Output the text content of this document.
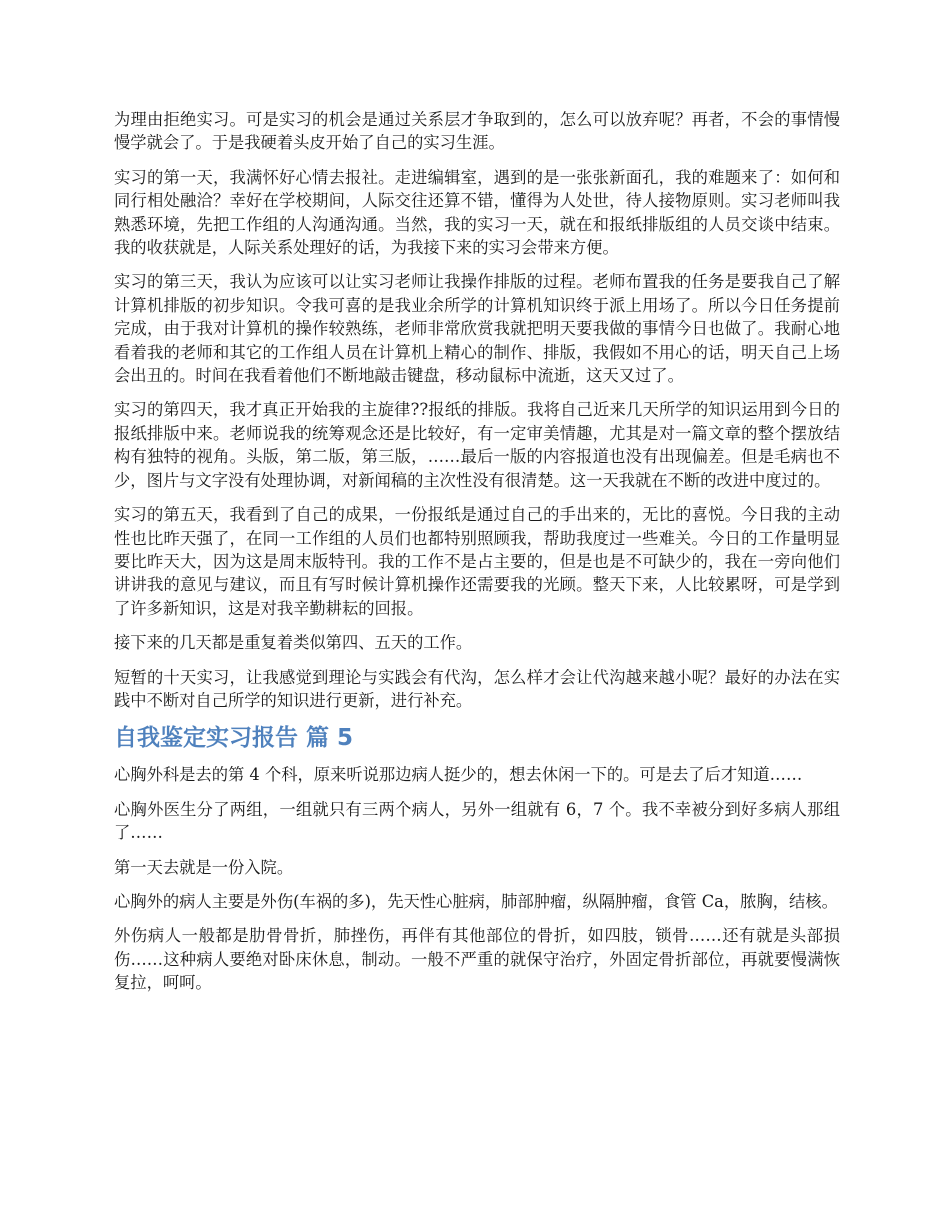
为理由拒绝实习。可是实习的机会是通过关系层才争取到的，怎么可以放弃呢？再者，不会的事情慢慢学就会了。于是我硬着头皮开始了自己的实习生涯。

实习的第一天，我满怀好心情去报社。走进编辑室，遇到的是一张张新面孔，我的难题来了：如何和同行相处融洽？幸好在学校期间，人际交往还算不错，懂得为人处世，待人接物原则。实习老师叫我熟悉环境，先把工作组的人沟通沟通。当然，我的实习一天，就在和报纸排版组的人员交谈中结束。我的收获就是，人际关系处理好的话，为我接下来的实习会带来方便。

实习的第三天，我认为应该可以让实习老师让我操作排版的过程。老师布置我的任务是要我自己了解计算机排版的初步知识。令我可喜的是我业余所学的计算机知识终于派上用场了。所以今日任务提前完成，由于我对计算机的操作较熟练，老师非常欣赏我就把明天要我做的事情今日也做了。我耐心地看着我的老师和其它的工作组人员在计算机上精心的制作、排版，我假如不用心的话，明天自己上场会出丑的。时间在我看着他们不断地敲击键盘，移动鼠标中流逝，这天又过了。

实习的第四天，我才真正开始我的主旋律??报纸的排版。我将自己近来几天所学的知识运用到今日的报纸排版中来。老师说我的统筹观念还是比较好，有一定审美情趣，尤其是对一篇文章的整个摆放结构有独特的视角。头版，第二版，第三版，……最后一版的内容报道也没有出现偏差。但是毛病也不少，图片与文字没有处理协调，对新闻稿的主次性没有很清楚。这一天我就在不断的改进中度过的。

实习的第五天，我看到了自己的成果，一份报纸是通过自己的手出来的，无比的喜悦。今日我的主动性也比昨天强了，在同一工作组的人员们也都特别照顾我，帮助我度过一些难关。今日的工作量明显要比昨天大，因为这是周末版特刊。我的工作不是占主要的，但是也是不可缺少的，我在一旁向他们讲讲我的意见与建议，而且有写时候计算机操作还需要我的光顾。整天下来，人比较累呀，可是学到了许多新知识，这是对我辛勤耕耘的回报。

接下来的几天都是重复着类似第四、五天的工作。

短暂的十天实习，让我感觉到理论与实践会有代沟，怎么样才会让代沟越来越小呢？最好的办法在实践中不断对自己所学的知识进行更新，进行补充。

自我鉴定实习报告 篇 5

心胸外科是去的第 4 个科，原来听说那边病人挺少的，想去休闲一下的。可是去了后才知道……

心胸外医生分了两组，一组就只有三两个病人，另外一组就有 6，7 个。我不幸被分到好多病人那组了……

第一天去就是一份入院。

心胸外的病人主要是外伤(车祸的多)，先天性心脏病，肺部肿瘤，纵隔肿瘤，食管 Ca，脓胸，结核。

外伤病人一般都是肋骨骨折，肺挫伤，再伴有其他部位的骨折，如四肢，锁骨……还有就是头部损伤……这种病人要绝对卧床休息，制动。一般不严重的就保守治疗，外固定骨折部位，再就要慢满恢复拉，呵呵。
